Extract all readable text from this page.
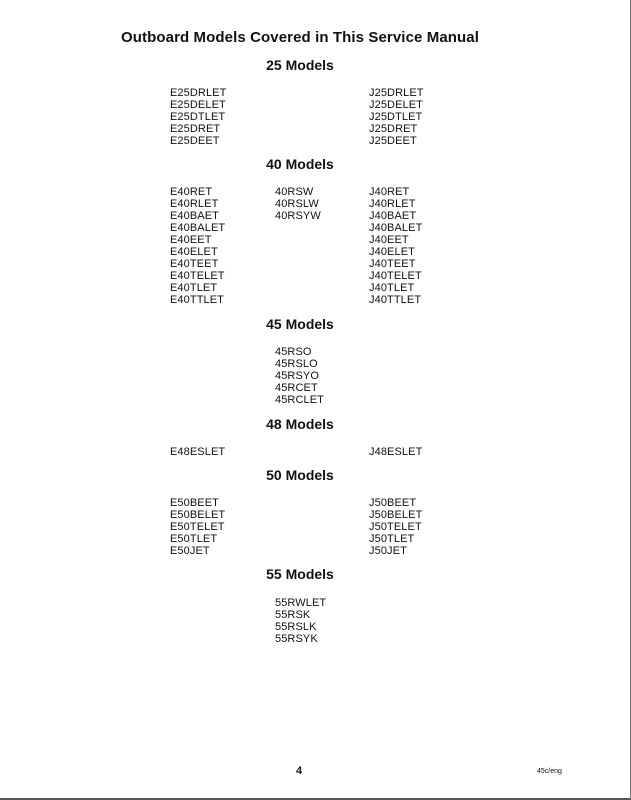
Outboard Models Covered in This Service Manual
25 Models
E25DRLET
E25DELET
E25DTLET
E25DRET
E25DEET
J25DRLET
J25DELET
J25DTLET
J25DRET
J25DEET
40 Models
E40RET
E40RLET
E40BAET
E40BALET
E40EET
E40ELET
E40TEET
E40TELET
E40TLET
E40TTLET
40RSW
40RSLW
40RSYW
J40RET
J40RLET
J40BAET
J40BALET
J40EET
J40ELET
J40TEET
J40TELET
J40TLET
J40TTLET
45 Models
45RSO
45RSLO
45RSYO
45RCET
45RCLET
48 Models
E48ESLET	J48ESLET
50 Models
E50BEET
E50BELET
E50TELET
E50TLET
E50JET
J50BEET
J50BELET
J50TELET
J50TLET
J50JET
55 Models
55RWLET
55RSK
55RSLK
55RSYK
4	45c/eng
